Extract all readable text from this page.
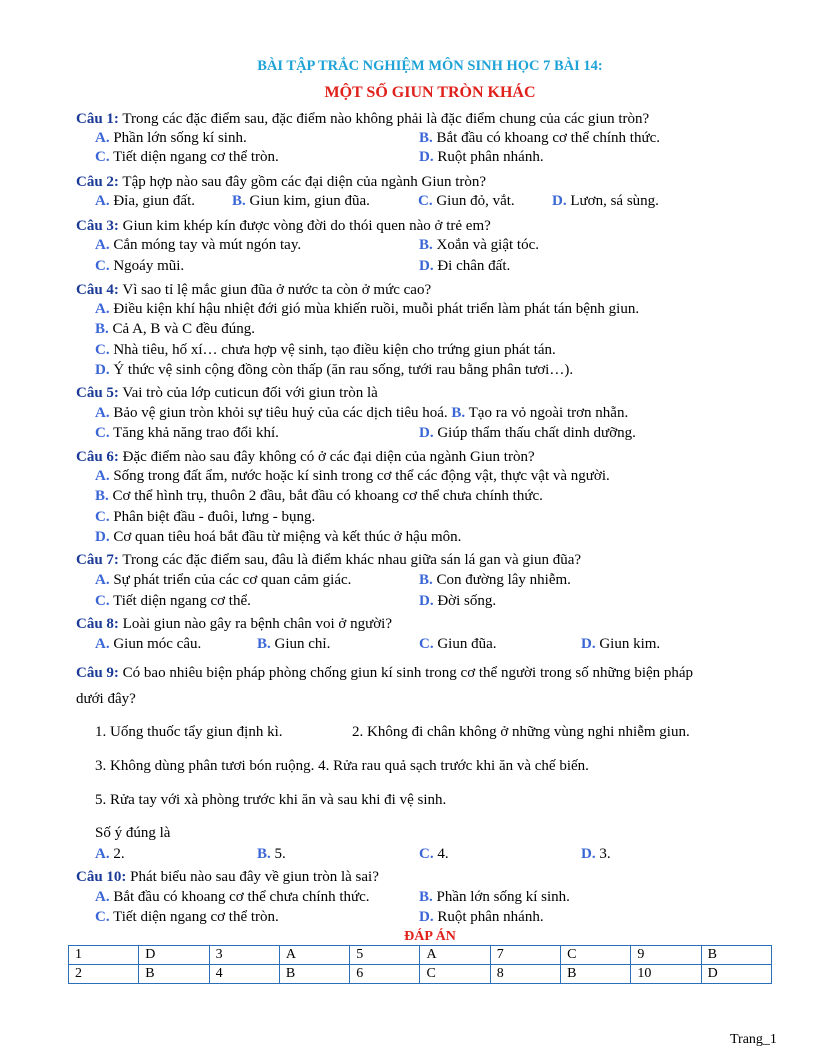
BÀI TẬP TRẮC NGHIỆM MÔN SINH HỌC 7 BÀI 14:
MỘT SỐ GIUN TRÒN KHÁC
Câu 1: Trong các đặc điểm sau, đặc điểm nào không phải là đặc điểm chung của các giun tròn?
A. Phần lớn sống kí sinh.	B. Bắt đầu có khoang cơ thể chính thức.
C. Tiết diện ngang cơ thể tròn.	D. Ruột phân nhánh.
Câu 2: Tập hợp nào sau đây gồm các đại diện của ngành Giun tròn?
A. Đỉa, giun đất. B. Giun kim, giun đũa.	C. Giun đỏ, vắt. D. Lươn, sá sùng.
Câu 3: Giun kim khép kín được vòng đời do thói quen nào ở trẻ em?
A. Cắn móng tay và mút ngón tay.	B. Xoắn và giật tóc.
C. Ngoáy mũi.	D. Đi chân đất.
Câu 4: Vì sao tỉ lệ mắc giun đũa ở nước ta còn ở mức cao?
A. Điều kiện khí hậu nhiệt đới gió mùa khiến ruồi, muỗi phát triển làm phát tán bệnh giun.
B. Cả A, B và C đều đúng.
C. Nhà tiêu, hố xí… chưa hợp vệ sinh, tạo điều kiện cho trứng giun phát tán.
D. Ý thức vệ sinh cộng đồng còn thấp (ăn rau sống, tưới rau bằng phân tươi…).
Câu 5: Vai trò của lớp cuticun đối với giun tròn là
A. Bảo vệ giun tròn khỏi sự tiêu huỷ của các dịch tiêu hoá. B. Tạo ra vỏ ngoài trơn nhẵn.
C. Tăng khả năng trao đổi khí.	D. Giúp thẩm thấu chất dinh dưỡng.
Câu 6: Đặc điểm nào sau đây không có ở các đại diện của ngành Giun tròn?
A. Sống trong đất ẩm, nước hoặc kí sinh trong cơ thể các động vật, thực vật và người.
B. Cơ thể hình trụ, thuôn 2 đầu, bắt đầu có khoang cơ thể chưa chính thức.
C. Phân biệt đầu - đuôi, lưng - bụng.
D. Cơ quan tiêu hoá bắt đầu từ miệng và kết thúc ở hậu môn.
Câu 7: Trong các đặc điểm sau, đâu là điểm khác nhau giữa sán lá gan và giun đũa?
A. Sự phát triển của các cơ quan cảm giác.	B. Con đường lây nhiễm.
C. Tiết diện ngang cơ thể.	D. Đời sống.
Câu 8: Loài giun nào gây ra bệnh chân voi ở người?
A. Giun móc câu.	B. Giun chỉ.	C. Giun đũa.	D. Giun kim.
Câu 9: Có bao nhiêu biện pháp phòng chống giun kí sinh trong cơ thể người trong số những biện pháp
dưới đây?
1. Uống thuốc tẩy giun định kì.	2. Không đi chân không ở những vùng nghi nhiễm giun.
3. Không dùng phân tươi bón ruộng. 4. Rửa rau quả sạch trước khi ăn và chế biến.
5. Rửa tay với xà phòng trước khi ăn và sau khi đi vệ sinh.
Số ý đúng là
A. 2.	B. 5.	C. 4.	D. 3.
Câu 10: Phát biểu nào sau đây về giun tròn là sai?
A. Bắt đầu có khoang cơ thể chưa chính thức.	B. Phần lớn sống kí sinh.
C. Tiết diện ngang cơ thể tròn.	D. Ruột phân nhánh.
ĐÁP ÁN
1	D	3	A	5	A	7	C	9	B
2	B	4	B	6	C	8	B	10	D
Trang_1
